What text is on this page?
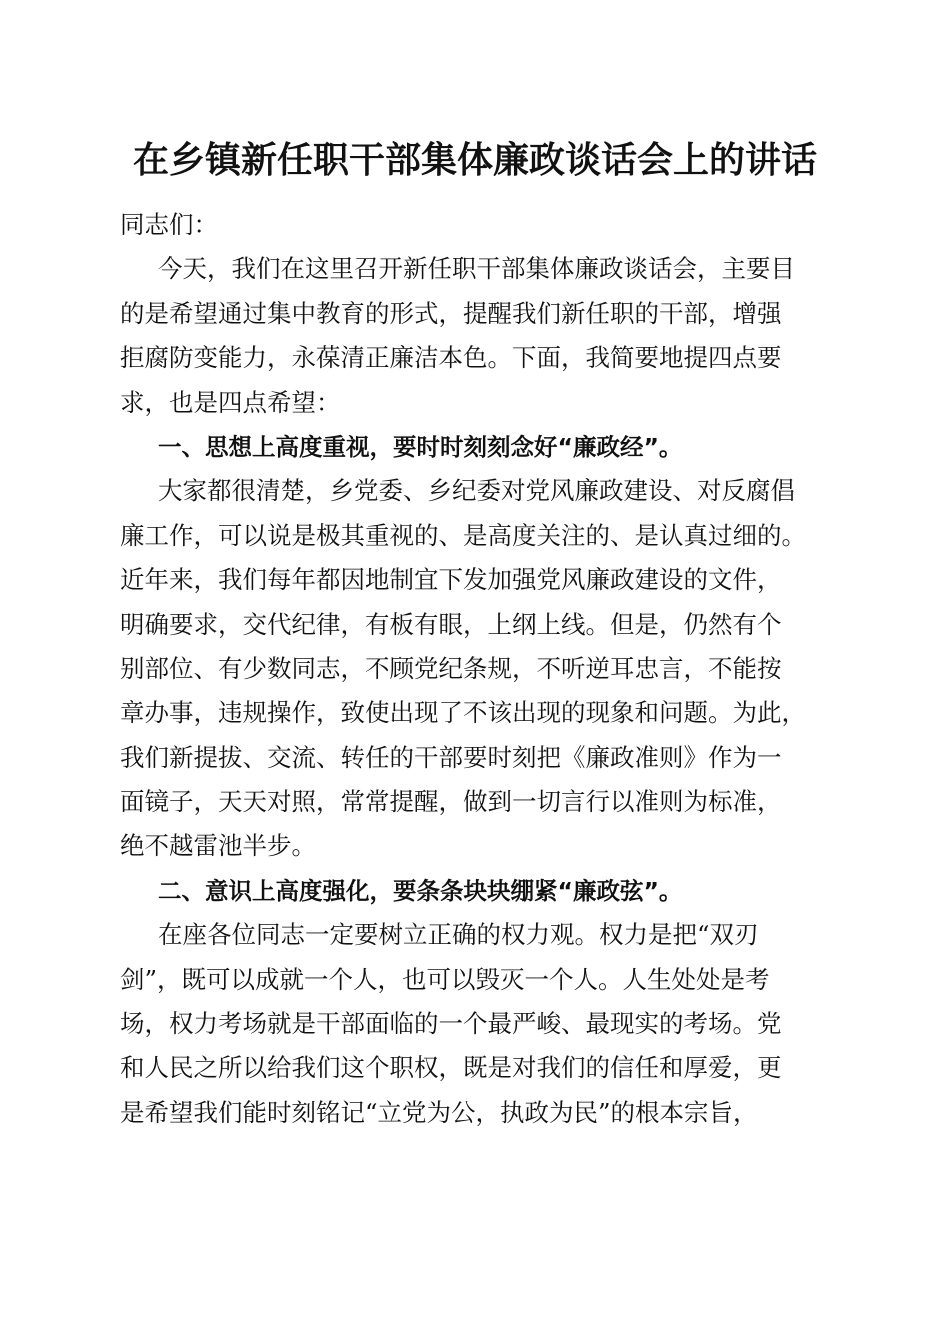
在乡镇新任职干部集体廉政谈话会上的讲话
同志们：
今天，我们在这里召开新任职干部集体廉政谈话会，主要目
的是希望通过集中教育的形式，提醒我们新任职的干部，增强
拒腐防变能力，永葆清正廉洁本色。下面，我简要地提四点要
求，也是四点希望：
一、思想上高度重视，要时时刻刻念好“廉政经”。
大家都很清楚，乡党委、乡纪委对党风廉政建设、对反腐倡
廉工作，可以说是极其重视的、是高度关注的、是认真过细的。
近年来，我们每年都因地制宜下发加强党风廉政建设的文件，
明确要求，交代纪律，有板有眼，上纲上线。但是，仍然有个
别部位、有少数同志，不顾党纪条规，不听逆耳忠言，不能按
章办事，违规操作，致使出现了不该出现的现象和问题。为此，
我们新提拔、交流、转任的干部要时刻把《廉政准则》作为一
面镜子，天天对照，常常提醒，做到一切言行以准则为标准，
绝不越雷池半步。
二、意识上高度强化，要条条块块绷紧“廉政弦”。
在座各位同志一定要树立正确的权力观。权力是把“双刃
剑”，既可以成就一个人，也可以毁灭一个人。人生处处是考
场，权力考场就是干部面临的一个最严峻、最现实的考场。党
和人民之所以给我们这个职权，既是对我们的信任和厚爱，更
是希望我们能时刻铭记“立党为公，执政为民”的根本宗旨，
